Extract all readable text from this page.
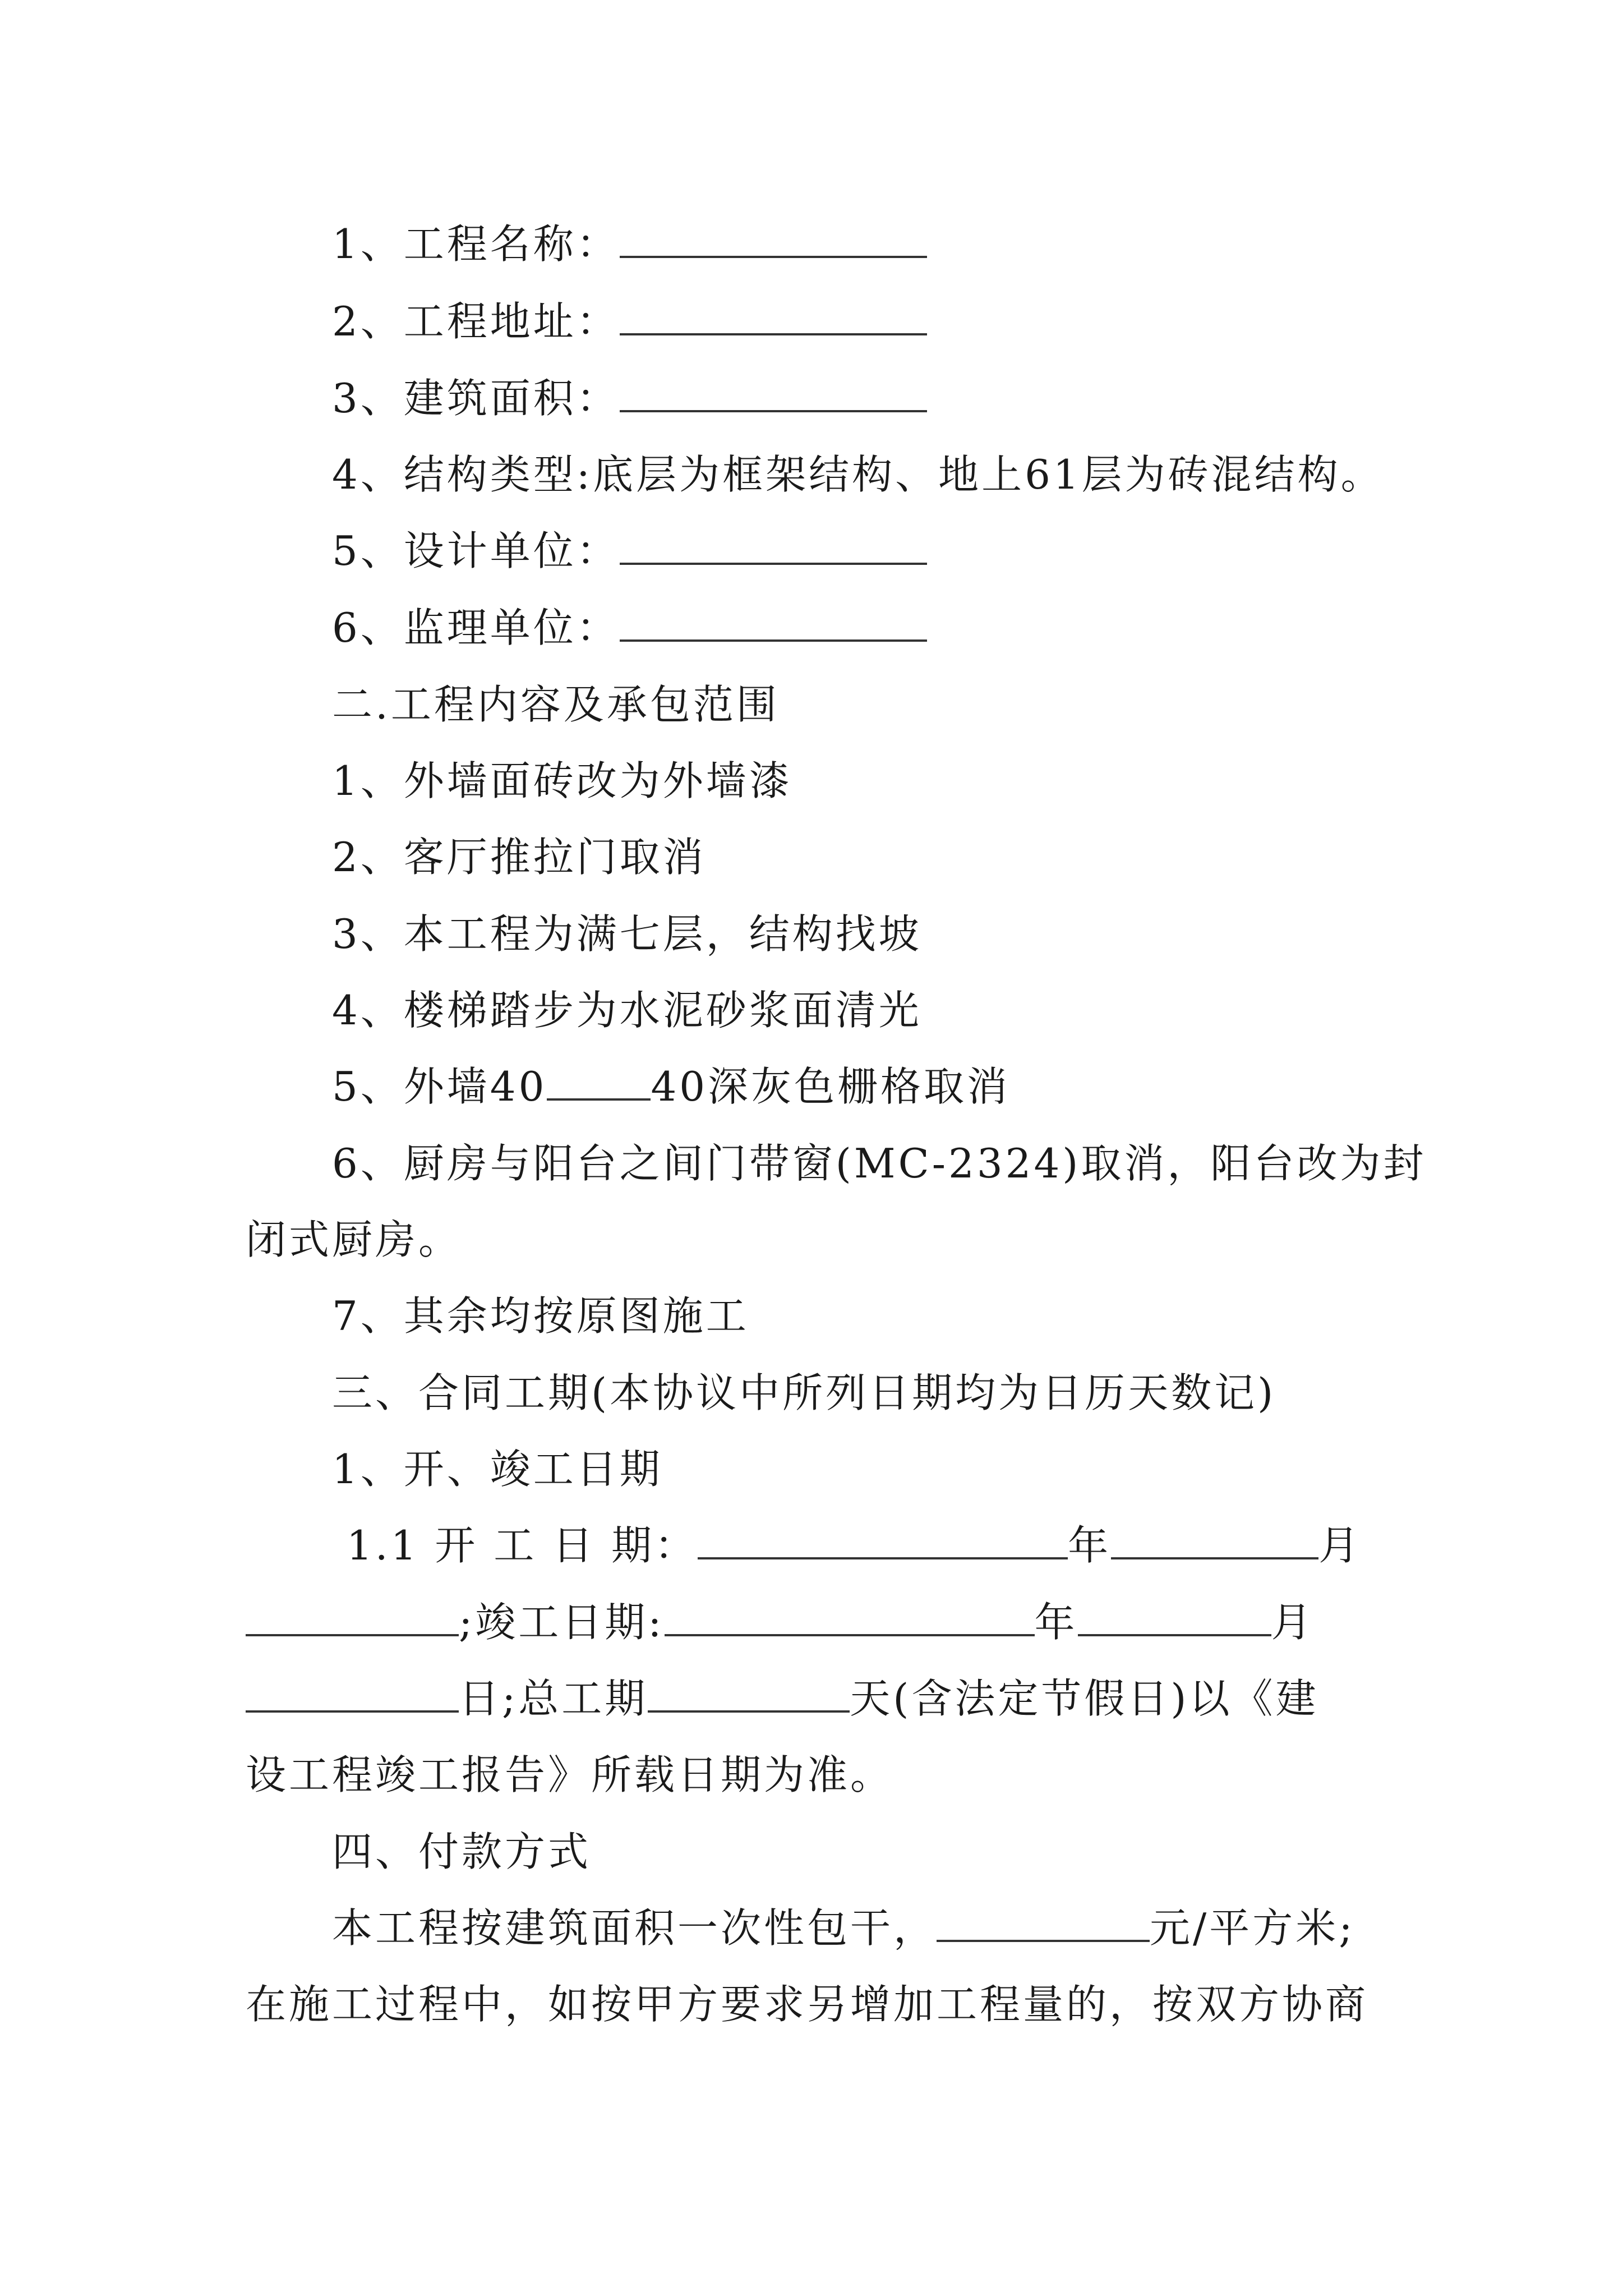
1、工程名称：
2、工程地址：
3、建筑面积：
4、结构类型:底层为框架结构、地上61层为砖混结构。
5、设计单位：
6、监理单位：
二.工程内容及承包范围
1、外墙面砖改为外墙漆
2、客厅推拉门取消
3、本工程为满七层，结构找坡
4、楼梯踏步为水泥砂浆面清光
5、外墙40	40深灰色栅格取消
6、厨房与阳台之间门带窗(MC-2324)取消，阳台改为封
闭式厨房。
7、其余均按原图施工
三、合同工期(本协议中所列日期均为日历天数记)
1、开、竣工日期
1.1 开 工 日 期：	年	月
;竣工日期:	年	月
日;总工期	天(含法定节假日)以《建
设工程竣工报告》所载日期为准。
四、付款方式
本工程按建筑面积一次性包干，	元/平方米;
在施工过程中，如按甲方要求另增加工程量的，按双方协商
